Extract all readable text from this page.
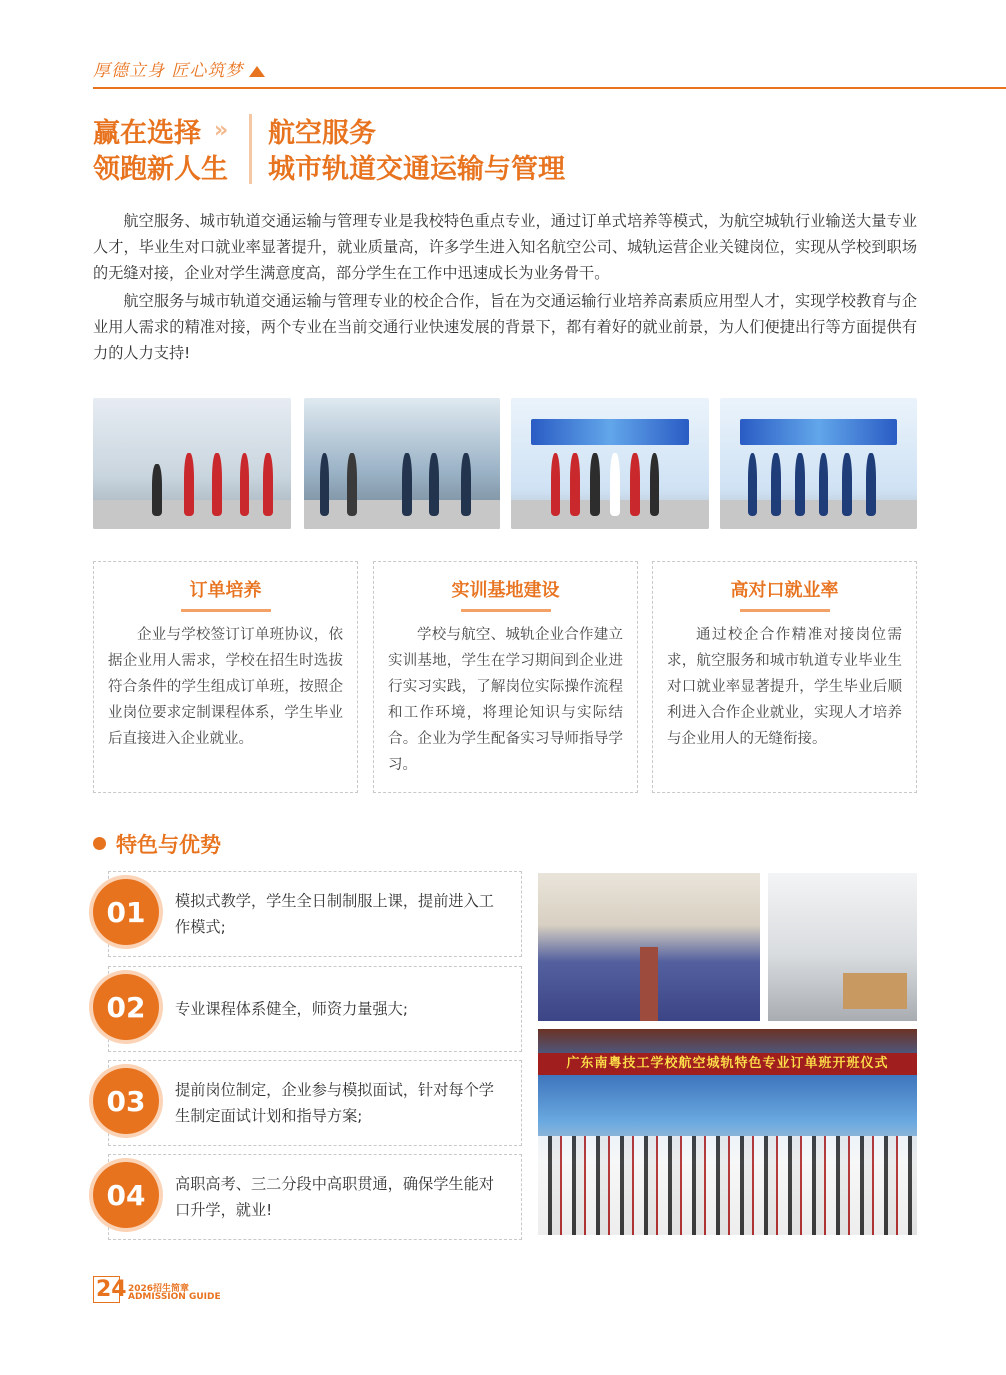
厚德立身 匠心筑梦
赢在选择
领跑新人生
» 航空服务
城市轨道交通运输与管理

航空服务、城市轨道交通运输与管理专业是我校特色重点专业，通过订单式培养等模式，为航空城轨行业输送大量专业人才，毕业生对口就业率显著提升，就业质量高，许多学生进入知名航空公司、城轨运营企业关键岗位，实现从学校到职场的无缝对接，企业对学生满意度高，部分学生在工作中迅速成长为业务骨干。

航空服务与城市轨道交通运输与管理专业的校企合作，旨在为交通运输行业培养高素质应用型人才，实现学校教育与企业用人需求的精准对接，两个专业在当前交通行业快速发展的背景下，都有着好的就业前景，为人们便捷出行等方面提供有力的人力支持!

订单培养

企业与学校签订订单班协议，依据企业用人需求，学校在招生时选拔符合条件的学生组成订单班，按照企业岗位要求定制课程体系，学生毕业后直接进入企业就业。

实训基地建设

学校与航空、城轨企业合作建立实训基地，学生在学习期间到企业进行实习实践，了解岗位实际操作流程和工作环境，将理论知识与实际结合。企业为学生配备实习导师指导学习。

高对口就业率

通过校企合作精准对接岗位需求，航空服务和城市轨道专业毕业生对口就业率显著提升，学生毕业后顺利进入合作企业就业，实现人才培养与企业用人的无缝衔接。

特色与优势
01	模拟式教学，学生全日制制服上课，提前进入工作模式;
02	专业课程体系健全，师资力量强大;
03	提前岗位制定，企业参与模拟面试，针对每个学生制定面试计划和指导方案;
04	高职高考、三二分段中高职贯通，确保学生能对口升学，就业!
广东南粤技工学校航空城轨特色专业订单班开班仪式
24 2026招生简章
ADMISSION GUIDE
